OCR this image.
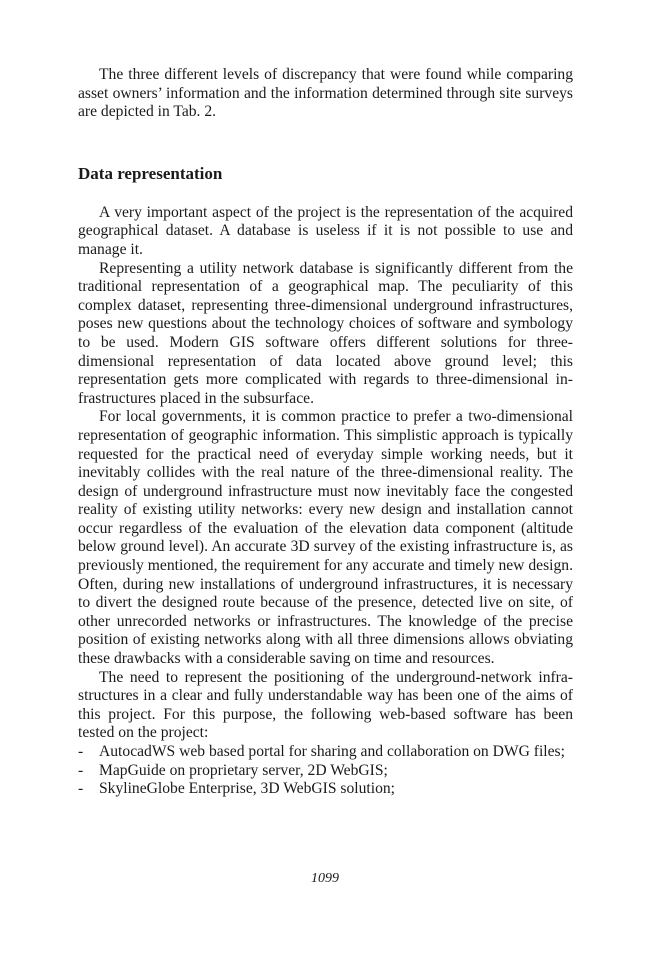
The three different levels of discrepancy that were found while comparing asset owners’ information and the information determined through site surveys are depicted in Tab. 2.

Data representation

A very important aspect of the project is the representation of the acquired geographical dataset. A database is useless if it is not possible to use and manage it.

Representing a utility network database is significantly different from the traditional representation of a geographical map. The peculiarity of this complex dataset, representing three-dimensional underground infrastructures, poses new questions about the technology choices of software and symbology to be used. Modern GIS software offers different solutions for three-dimensional representation of data located above ground level; this representation gets more complicated with regards to three-dimensional infrastructures placed in the subsurface.

For local governments, it is common practice to prefer a two-dimensional representation of geographic information. This simplistic approach is typically requested for the practical need of everyday simple working needs, but it inevitably collides with the real nature of the three-dimensional reality. The design of underground infrastructure must now inevitably face the congested reality of existing utility networks: every new design and installation cannot occur regardless of the evaluation of the elevation data component (altitude below ground level). An accurate 3D survey of the existing infrastructure is, as previously mentioned, the requirement for any accurate and timely new design. Often, during new installations of underground infrastructures, it is necessary to divert the designed route because of the presence, detected live on site, of other unrecorded networks or infrastructures. The knowledge of the precise position of existing networks along with all three dimensions allows obviating these drawbacks with a considerable saving on time and resources.

The need to represent the positioning of the underground-network infrastructures in a clear and fully understandable way has been one of the aims of this project. For this purpose, the following web-based software has been tested on the project:

- AutocadWS web based portal for sharing and collaboration on DWG files;
- MapGuide on proprietary server, 2D WebGIS;
- SkylineGlobe Enterprise, 3D WebGIS solution;
1099
